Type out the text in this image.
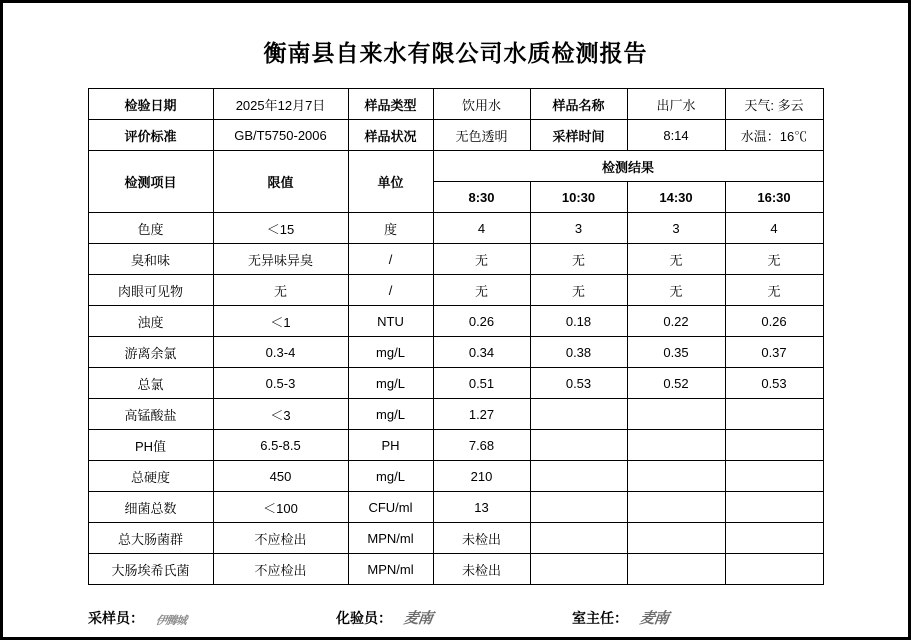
衡南县自来水有限公司水质检测报告
检验日期	2025年12月7日	样品类型	饮用水	样品名称	出厂水	天气: 多云
评价标准	GB/T5750-2006	样品状况	无色透明	采样时间	8:14	水温：16℃
检测项目	限值	单位	检测结果			
			8:30	10:30	14:30	16:30
色度	＜15	度	4	3	3	4
臭和味	无异味异臭	/	无	无	无	无
肉眼可见物	无	/	无	无	无	无
浊度	＜1	NTU	0.26	0.18	0.22	0.26
游离余氯	0.3-4	mg/L	0.34	0.38	0.35	0.37
总氯	0.5-3	mg/L	0.51	0.53	0.52	0.53
高锰酸盐	＜3	mg/L	1.27			
PH值	6.5-8.5	PH	7.68			
总硬度	450	mg/L	210			
细菌总数	＜100	CFU/ml	13			
总大肠菌群	不应检出	MPN/ml	未检出			
大肠埃希氏菌	不应检出	MPN/ml	未检出			
采样员：	伊腾城	化验员： 麦南	室主任： 麦南
